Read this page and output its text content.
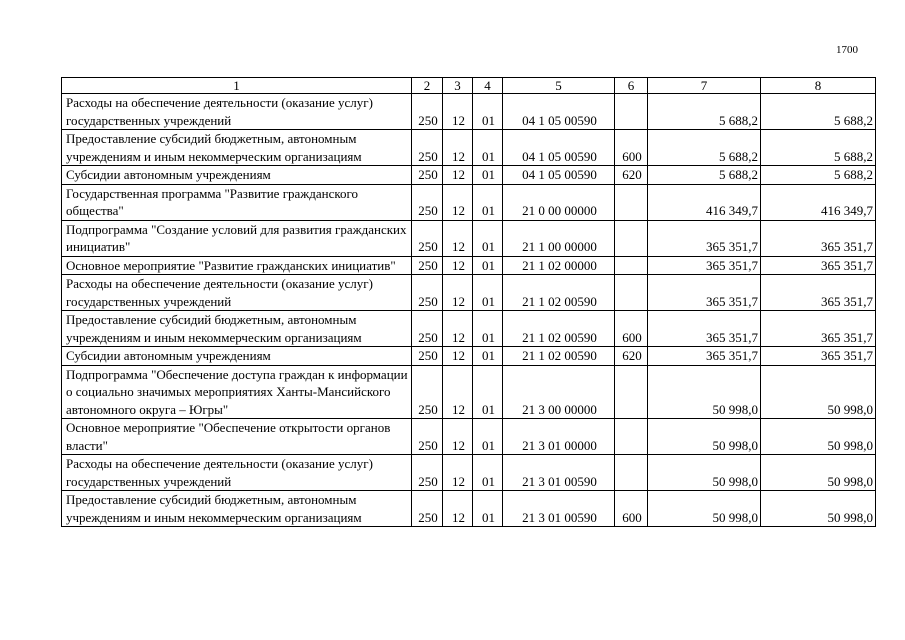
1700
1	2	3	4	5	6	7	8
Расходы на обеспечение деятельности (оказание услуг) государственных учреждений	250	12	01	04 1 05 00590		5 688,2	5 688,2
Предоставление субсидий бюджетным, автономным учреждениям и иным некоммерческим организациям	250	12	01	04 1 05 00590	600	5 688,2	5 688,2
Субсидии автономным учреждениям	250	12	01	04 1 05 00590	620	5 688,2	5 688,2
Государственная программа "Развитие гражданского общества"	250	12	01	21 0 00 00000		416 349,7	416 349,7
Подпрограмма "Создание условий для развития гражданских инициатив"	250	12	01	21 1 00 00000		365 351,7	365 351,7
Основное мероприятие "Развитие гражданских инициатив"	250	12	01	21 1 02 00000		365 351,7	365 351,7
Расходы на обеспечение деятельности (оказание услуг) государственных учреждений	250	12	01	21 1 02 00590		365 351,7	365 351,7
Предоставление субсидий бюджетным, автономным учреждениям и иным некоммерческим организациям	250	12	01	21 1 02 00590	600	365 351,7	365 351,7
Субсидии автономным учреждениям	250	12	01	21 1 02 00590	620	365 351,7	365 351,7
Подпрограмма "Обеспечение доступа граждан к информации о социально значимых мероприятиях Ханты-Мансийского автономного округа – Югры"	250	12	01	21 3 00 00000		50 998,0	50 998,0
Основное мероприятие "Обеспечение открытости органов власти"	250	12	01	21 3 01 00000		50 998,0	50 998,0
Расходы на обеспечение деятельности (оказание услуг) государственных учреждений	250	12	01	21 3 01 00590		50 998,0	50 998,0
Предоставление субсидий бюджетным, автономным учреждениям и иным некоммерческим организациям	250	12	01	21 3 01 00590	600	50 998,0	50 998,0
